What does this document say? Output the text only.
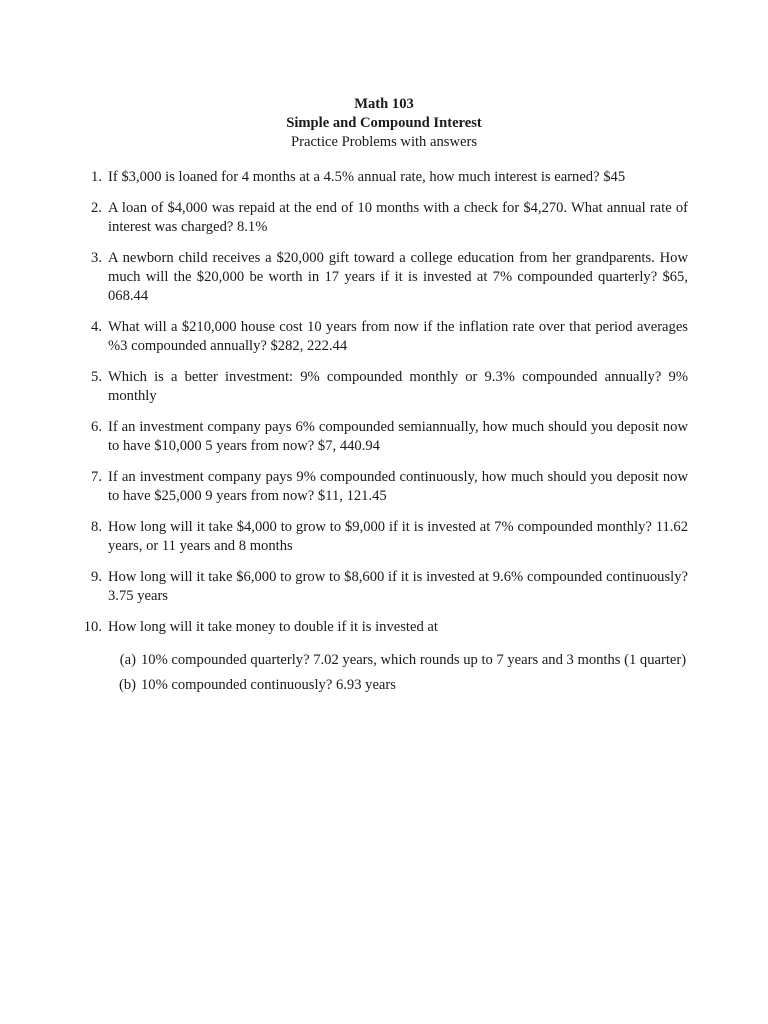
Math 103
Simple and Compound Interest
Practice Problems with answers
1. If $3,000 is loaned for 4 months at a 4.5% annual rate, how much interest is earned? $45
2. A loan of $4,000 was repaid at the end of 10 months with a check for $4,270. What annual rate of interest was charged? 8.1%
3. A newborn child receives a $20,000 gift toward a college education from her grandparents. How much will the $20,000 be worth in 17 years if it is invested at 7% compounded quarterly? $65, 068.44
4. What will a $210,000 house cost 10 years from now if the inflation rate over that period averages %3 compounded annually? $282, 222.44
5. Which is a better investment: 9% compounded monthly or 9.3% compounded annually? 9% monthly
6. If an investment company pays 6% compounded semiannually, how much should you deposit now to have $10,000 5 years from now? $7, 440.94
7. If an investment company pays 9% compounded continuously, how much should you deposit now to have $25,000 9 years from now? $11, 121.45
8. How long will it take $4,000 to grow to $9,000 if it is invested at 7% compounded monthly? 11.62 years, or 11 years and 8 months
9. How long will it take $6,000 to grow to $8,600 if it is invested at 9.6% compounded continuously? 3.75 years
10. How long will it take money to double if it is invested at
(a) 10% compounded quarterly? 7.02 years, which rounds up to 7 years and 3 months (1 quarter)
(b) 10% compounded continuously? 6.93 years
